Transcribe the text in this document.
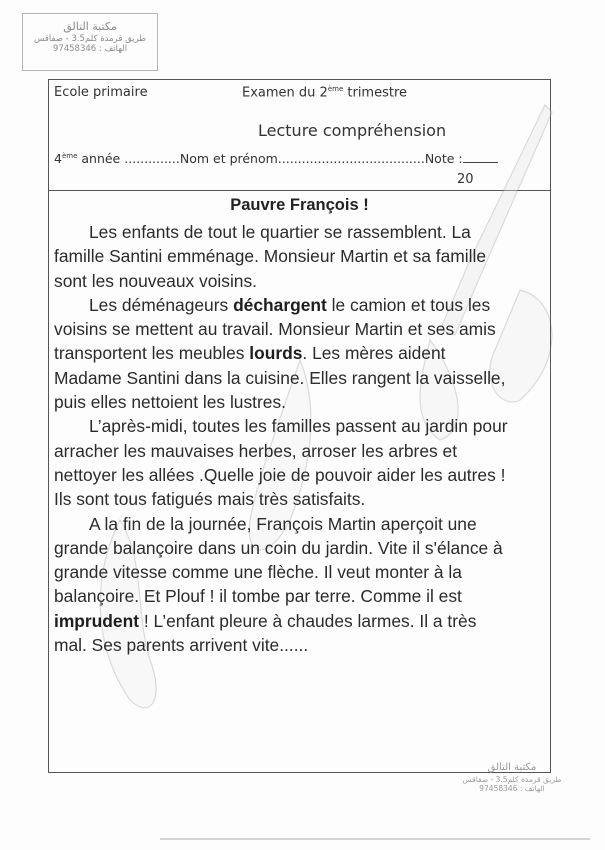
مكتبة التالق
طريق قرمدة كلم3.5 - صفاقس
الهاتف : 97458346
Ecole primaire	Examen du 2ème trimestre
Lecture compréhension
4ème année ..............Nom et prénom.....................................Note :
20
Pauvre François !
Les enfants de tout le quartier se rassemblent. La
famille Santini emménage. Monsieur Martin et sa famille
sont les nouveaux voisins.
Les déménageurs déchargent le camion et tous les
voisins se mettent au travail. Monsieur Martin et ses amis
transportent les meubles lourds. Les mères aident
Madame Santini dans la cuisine. Elles rangent la vaisselle,
puis elles nettoient les lustres.
L’après-midi, toutes les familles passent au jardin pour
arracher les mauvaises herbes, arroser les arbres et
nettoyer les allées .Quelle joie de pouvoir aider les autres !
Ils sont tous fatigués mais très satisfaits.
A la fin de la journée, François Martin aperçoit une
grande balançoire dans un coin du jardin. Vite il s'élance à
grande vitesse comme une flèche. Il veut monter à la
balançoire. Et Plouf ! il tombe par terre. Comme il est
imprudent ! L’enfant pleure à chaudes larmes. Il a très
mal. Ses parents arrivent vite......
مكتبة التالق
طريق قرمدة كلم3.5 - صفاقس
الهاتف : 97458346
